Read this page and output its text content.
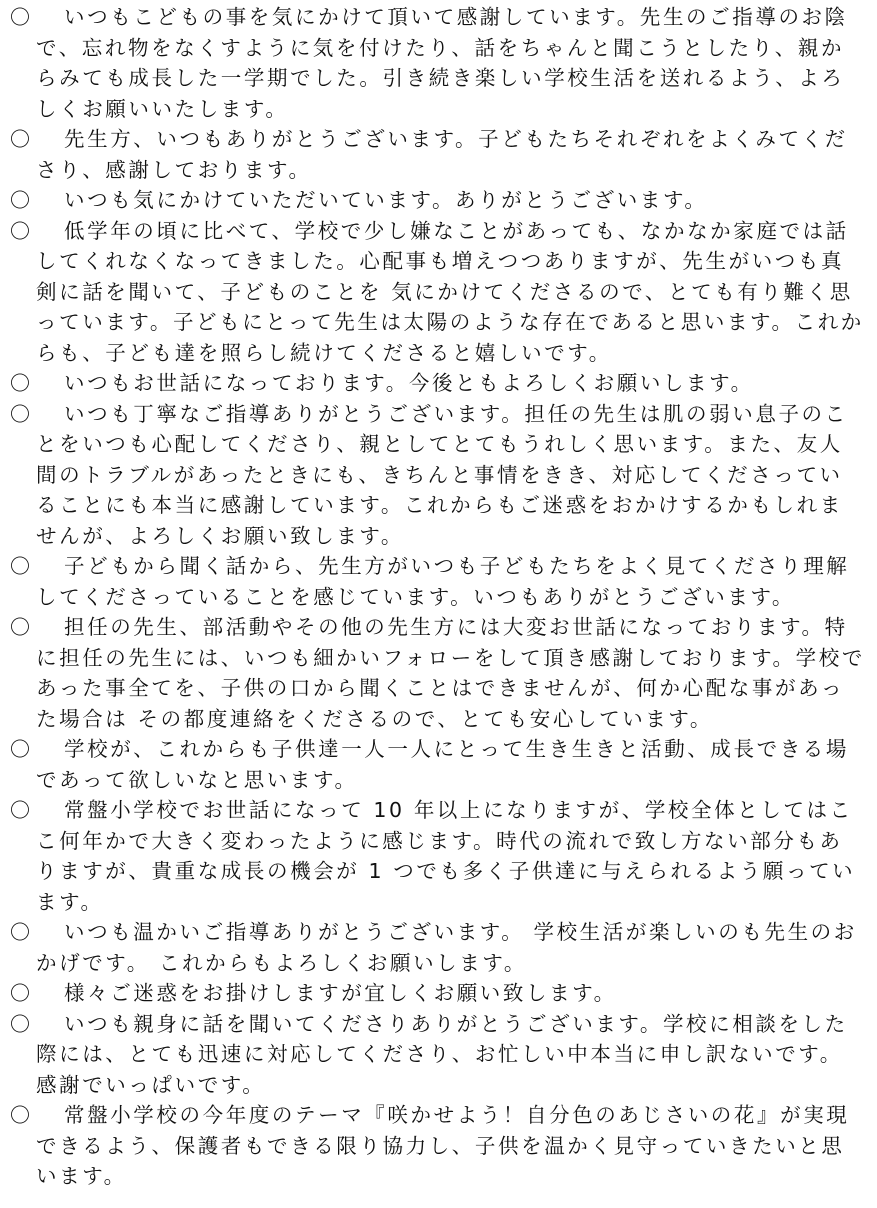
〇	いつもこどもの事を気にかけて頂いて感謝しています。先生のご指導のお陰で、忘れ物をなくすように気を付けたり、話をちゃんと聞こうとしたり、親からみても成長した一学期でした。引き続き楽しい学校生活を送れるよう、よろしくお願いいたします。
〇	先生方、いつもありがとうございます。子どもたちそれぞれをよくみてくださり、感謝しております。
〇	いつも気にかけていただいています。ありがとうございます。
〇	低学年の頃に比べて、学校で少し嫌なことがあっても、なかなか家庭では話してくれなくなってきました。心配事も増えつつありますが、先生がいつも真剣に話を聞いて、子どものことを 気にかけてくださるので、とても有り難く思っています。子どもにとって先生は太陽のような存在であると思います。これからも、子ども達を照らし続けてくださると嬉しいです。
〇	いつもお世話になっております。今後ともよろしくお願いします。
〇	いつも丁寧なご指導ありがとうございます。担任の先生は肌の弱い息子のことをいつも心配してくださり、親としてとてもうれしく思います。また、友人間のトラブルがあったときにも、きちんと事情をきき、対応してくださっていることにも本当に感謝しています。これからもご迷惑をおかけするかもしれませんが、よろしくお願い致します。
〇	子どもから聞く話から、先生方がいつも子どもたちをよく見てくださり理解してくださっていることを感じています。いつもありがとうございます。
〇	担任の先生、部活動やその他の先生方には大変お世話になっております。特に担任の先生には、いつも細かいフォローをして頂き感謝しております。学校であった事全てを、子供の口から聞くことはできませんが、何か心配な事があった場合は その都度連絡をくださるので、とても安心しています。
〇	学校が、これからも子供達一人一人にとって生き生きと活動、成長できる場であって欲しいなと思います。
〇	常盤小学校でお世話になって 10 年以上になりますが、学校全体としてはここ何年かで大きく変わったように感じます。時代の流れで致し方ない部分もありますが、貴重な成長の機会が 1 つでも多く子供達に与えられるよう願っています。
〇	いつも温かいご指導ありがとうございます。 学校生活が楽しいのも先生のおかげです。 これからもよろしくお願いします。
〇	様々ご迷惑をお掛けしますが宜しくお願い致します。
〇	いつも親身に話を聞いてくださりありがとうございます。学校に相談をした際には、とても迅速に対応してくださり、お忙しい中本当に申し訳ないです。感謝でいっぱいです。
〇	常盤小学校の今年度のテーマ『咲かせよう！自分色のあじさいの花』が実現できるよう、保護者もできる限り協力し、子供を温かく見守っていきたいと思います。
